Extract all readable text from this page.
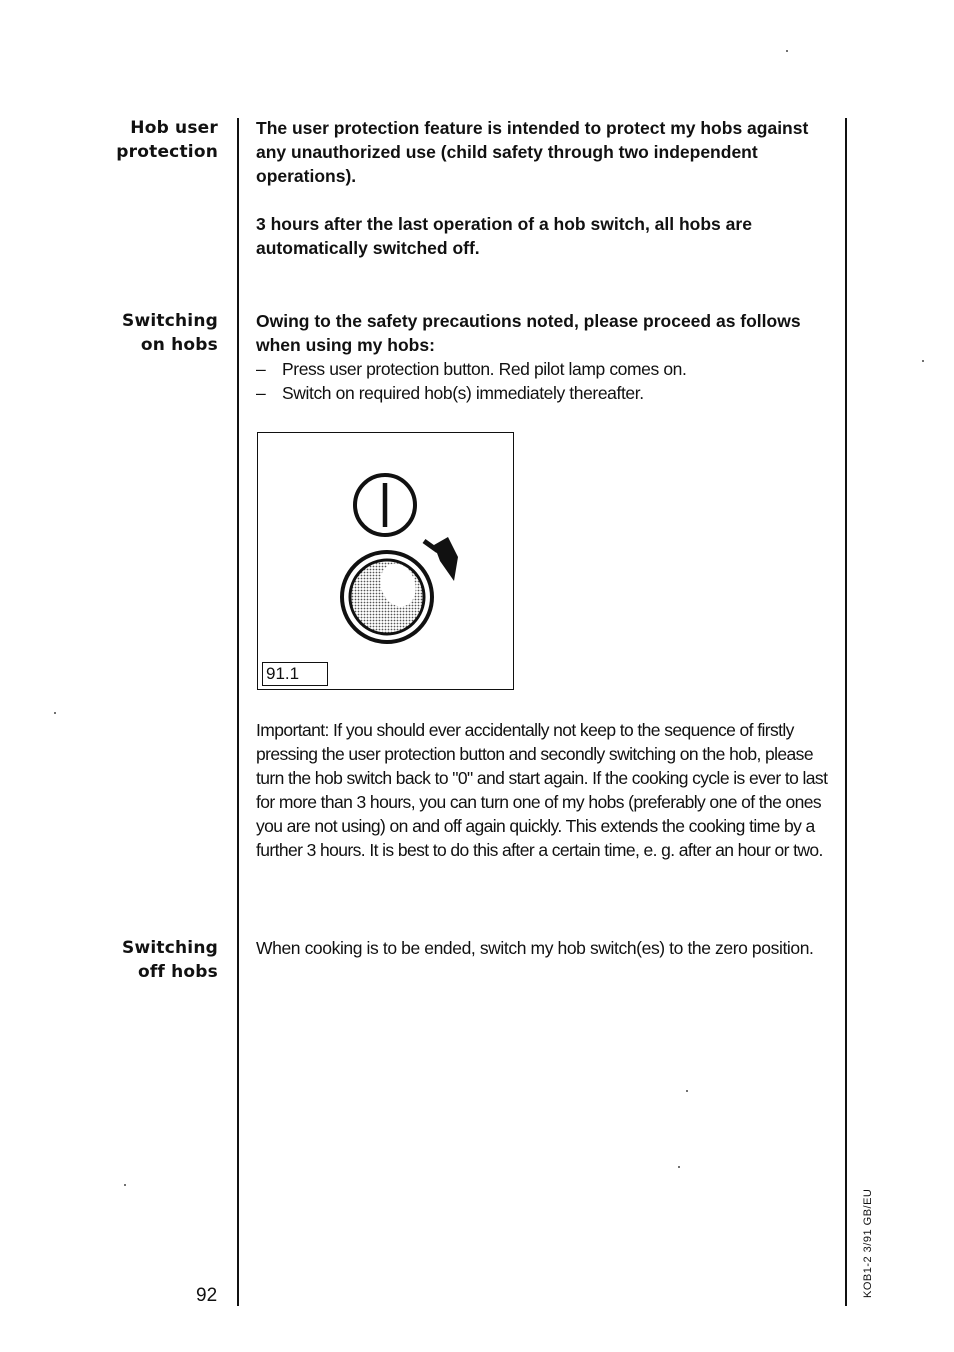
Hob user
protection
The user protection feature is intended to protect my hobs against any unauthorized use (child safety through two independent operations).
3 hours after the last operation of a hob switch, all hobs are automatically switched off.
Switching
on hobs
Owing to the safety precautions noted, please proceed as follows when using my hobs:
– Press user protection button. Red pilot lamp comes on.
– Switch on required hob(s) immediately thereafter.
91.1
Important: If you should ever accidentally not keep to the sequence of firstly pressing the user protection button and secondly switching on the hob, please turn the hob switch back to "0" and start again. If the cooking cycle is ever to last for more than 3 hours, you can turn one of my hobs (preferably one of the ones you are not using) on and off again quickly. This extends the cooking time by a further 3 hours. It is best to do this after a certain time, e. g. after an hour or two.
Switching
off hobs
When cooking is to be ended, switch my hob switch(es) to the zero position.
92	KOB1-2 3/91 GB/EU
